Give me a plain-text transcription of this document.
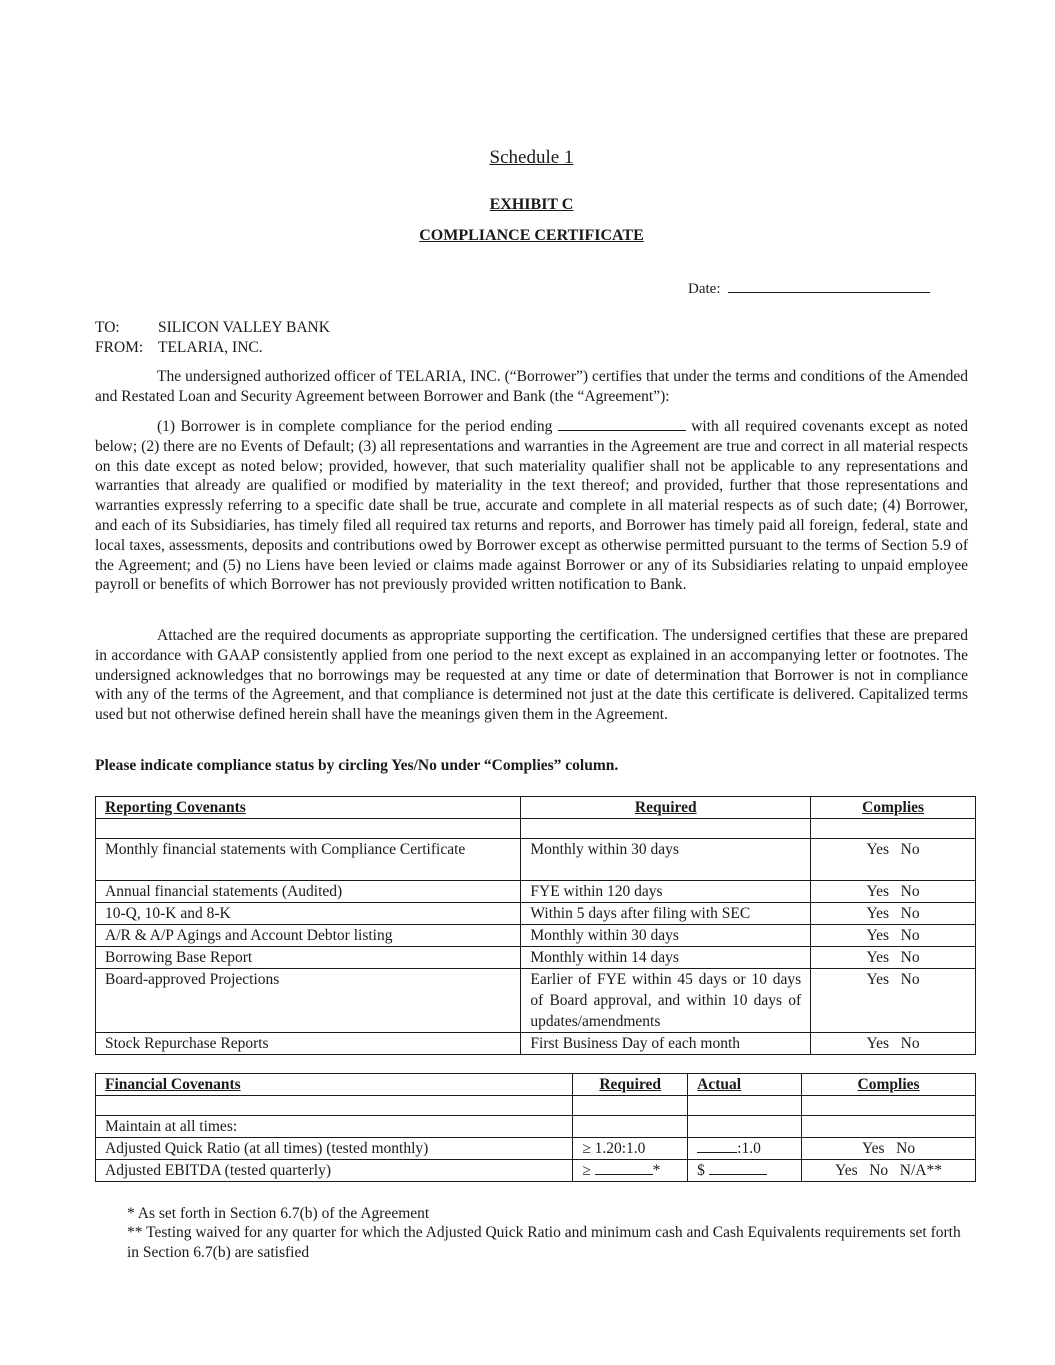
Schedule 1
EXHIBIT C
COMPLIANCE CERTIFICATE
Date:
TO: SILICON VALLEY BANK
FROM: TELARIA, INC.
The undersigned authorized officer of TELARIA, INC. (“Borrower”) certifies that under the terms and conditions of the Amended and Restated Loan and Security Agreement between Borrower and Bank (the “Agreement”):
(1) Borrower is in complete compliance for the period ending	with all required covenants except as noted below; (2) there are no Events of Default; (3) all representations and warranties in the Agreement are true and correct in all material respects on this date except as noted below; provided, however, that such materiality qualifier shall not be applicable to any representations and warranties that already are qualified or modified by materiality in the text thereof; and provided, further that those representations and warranties expressly referring to a specific date shall be true, accurate and complete in all material respects as of such date; (4) Borrower, and each of its Subsidiaries, has timely filed all required tax returns and reports, and Borrower has timely paid all foreign, federal, state and local taxes, assessments, deposits and contributions owed by Borrower except as otherwise permitted pursuant to the terms of Section 5.9 of the Agreement; and (5) no Liens have been levied or claims made against Borrower or any of its Subsidiaries relating to unpaid employee payroll or benefits of which Borrower has not previously provided written notification to Bank.
Attached are the required documents as appropriate supporting the certification. The undersigned certifies that these are prepared in accordance with GAAP consistently applied from one period to the next except as explained in an accompanying letter or footnotes. The undersigned acknowledges that no borrowings may be requested at any time or date of determination that Borrower is not in compliance with any of the terms of the Agreement, and that compliance is determined not just at the date this certificate is delivered. Capitalized terms used but not otherwise defined herein shall have the meanings given them in the Agreement.
Please indicate compliance status by circling Yes/No under “Complies” column.
Reporting Covenants	Required	Complies

Monthly financial statements with Compliance Certificate	Monthly within 30 days	Yes   No
Annual financial statements (Audited)	FYE within 120 days	Yes   No
10-Q, 10-K and 8-K	Within 5 days after filing with SEC	Yes   No
A/R & A/P Agings and Account Debtor listing	Monthly within 30 days	Yes   No
Borrowing Base Report	Monthly within 14 days	Yes   No
Board-approved Projections	Earlier of FYE within 45 days or 10 days of Board approval, and within 10 days of updates/amendments	Yes   No
Stock Repurchase Reports	First Business Day of each month	Yes   No
Financial Covenants	Required	Actual	Complies

Maintain at all times:			
Adjusted Quick Ratio (at all times) (tested monthly)	≥ 1.20:1.0	:1.0	Yes   No
Adjusted EBITDA (tested quarterly)	≥ *	$	Yes   No   N/A**
* As set forth in Section 6.7(b) of the Agreement
** Testing waived for any quarter for which the Adjusted Quick Ratio and minimum cash and Cash Equivalents requirements set forth in Section 6.7(b) are satisfied
